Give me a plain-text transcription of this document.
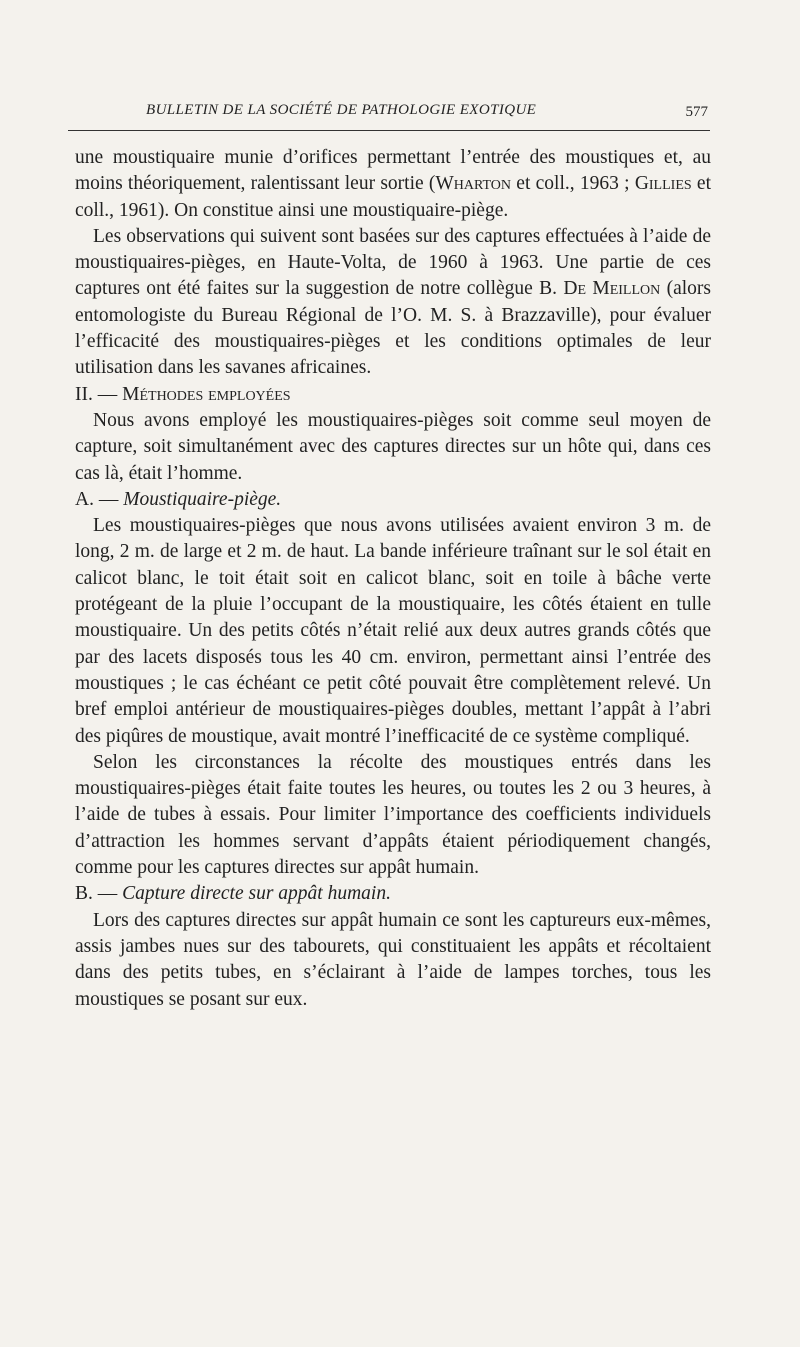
BULLETIN DE LA SOCIÉTÉ DE PATHOLOGIE EXOTIQUE	577

une moustiquaire munie d’orifices permettant l’entrée des moustiques et, au moins théoriquement, ralentissant leur sortie (Wharton et coll., 1963 ; Gillies et coll., 1961). On constitue ainsi une moustiquaire-piège.

Les observations qui suivent sont basées sur des captures effectuées à l’aide de moustiquaires-pièges, en Haute-Volta, de 1960 à 1963. Une partie de ces captures ont été faites sur la suggestion de notre collègue B. De Meillon (alors entomologiste du Bureau Régional de l’O. M. S. à Brazzaville), pour évaluer l’efficacité des moustiquaires-pièges et les conditions optimales de leur utilisation dans les savanes africaines.

II. — Méthodes employées

Nous avons employé les moustiquaires-pièges soit comme seul moyen de capture, soit simultanément avec des captures directes sur un hôte qui, dans ces cas là, était l’homme.

A. — Moustiquaire-piège.

Les moustiquaires-pièges que nous avons utilisées avaient environ 3 m. de long, 2 m. de large et 2 m. de haut. La bande inférieure traînant sur le sol était en calicot blanc, le toit était soit en calicot blanc, soit en toile à bâche verte protégeant de la pluie l’occupant de la moustiquaire, les côtés étaient en tulle moustiquaire. Un des petits côtés n’était relié aux deux autres grands côtés que par des lacets disposés tous les 40 cm. environ, permettant ainsi l’entrée des moustiques ; le cas échéant ce petit côté pouvait être complètement relevé. Un bref emploi antérieur de moustiquaires-pièges doubles, mettant l’appât à l’abri des piqûres de moustique, avait montré l’inefficacité de ce système compliqué.

Selon les circonstances la récolte des moustiques entrés dans les moustiquaires-pièges était faite toutes les heures, ou toutes les 2 ou 3 heures, à l’aide de tubes à essais. Pour limiter l’importance des coefficients individuels d’attraction les hommes servant d’appâts étaient périodiquement changés, comme pour les captures directes sur appât humain.

B. — Capture directe sur appât humain.

Lors des captures directes sur appât humain ce sont les captureurs eux-mêmes, assis jambes nues sur des tabourets, qui constituaient les appâts et récoltaient dans des petits tubes, en s’éclairant à l’aide de lampes torches, tous les moustiques se posant sur eux.
